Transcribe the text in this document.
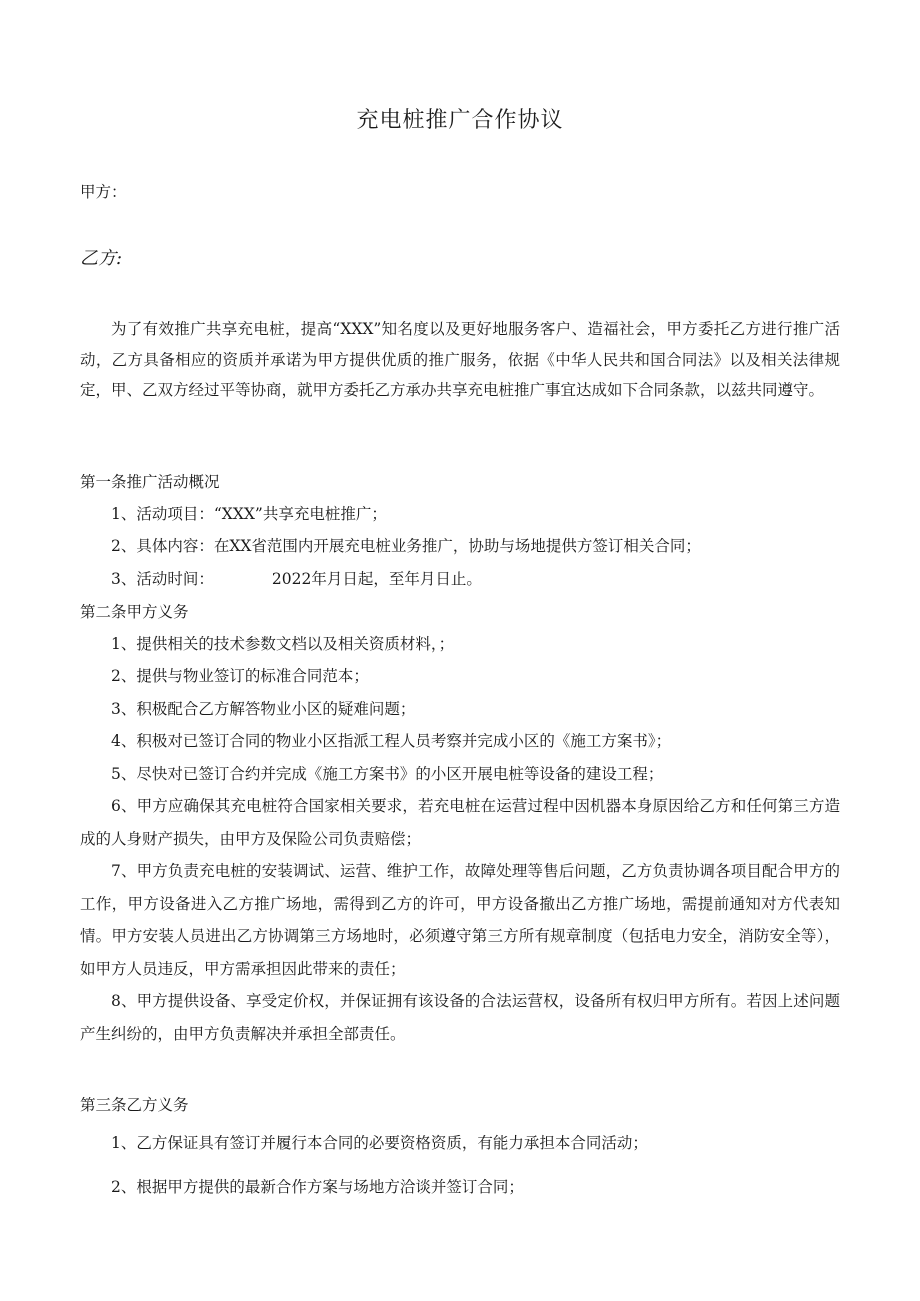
充电桩推广合作协议
甲方：
乙方:
为了有效推广共享充电桩，提高“XXX”知名度以及更好地服务客户、造福社会，甲方委托乙方进行推广活动，乙方具备相应的资质并承诺为甲方提供优质的推广服务，依据《中华人民共和国合同法》以及相关法律规定，甲、乙双方经过平等协商，就甲方委托乙方承办共享充电桩推广事宜达成如下合同条款，以兹共同遵守。
第一条推广活动概况
1、活动项目：“XXX”共享充电桩推广；
2、具体内容：在XX省范围内开展充电桩业务推广，协助与场地提供方签订相关合同；
3、活动时间：	2022年月日起，至年月日止。
第二条甲方义务
1、提供相关的技术参数文档以及相关资质材料，；
2、提供与物业签订的标准合同范本；
3、积极配合乙方解答物业小区的疑难问题；
4、积极对已签订合同的物业小区指派工程人员考察并完成小区的《施工方案书》；
5、尽快对已签订合约并完成《施工方案书》的小区开展电桩等设备的建设工程；
6、甲方应确保其充电桩符合国家相关要求，若充电桩在运营过程中因机器本身原因给乙方和任何第三方造成的人身财产损失，由甲方及保险公司负责赔偿；
7、甲方负责充电桩的安装调试、运营、维护工作，故障处理等售后问题，乙方负责协调各项目配合甲方的工作，甲方设备进入乙方推广场地，需得到乙方的许可，甲方设备撤出乙方推广场地，需提前通知对方代表知情。甲方安装人员进出乙方协调第三方场地时，必须遵守第三方所有规章制度（包括电力安全，消防安全等），如甲方人员违反，甲方需承担因此带来的责任；
8、甲方提供设备、享受定价权，并保证拥有该设备的合法运营权，设备所有权归甲方所有。若因上述问题产生纠纷的，由甲方负责解决并承担全部责任。
第三条乙方义务
1、乙方保证具有签订并履行本合同的必要资格资质，有能力承担本合同活动；
2、根据甲方提供的最新合作方案与场地方洽谈并签订合同；
